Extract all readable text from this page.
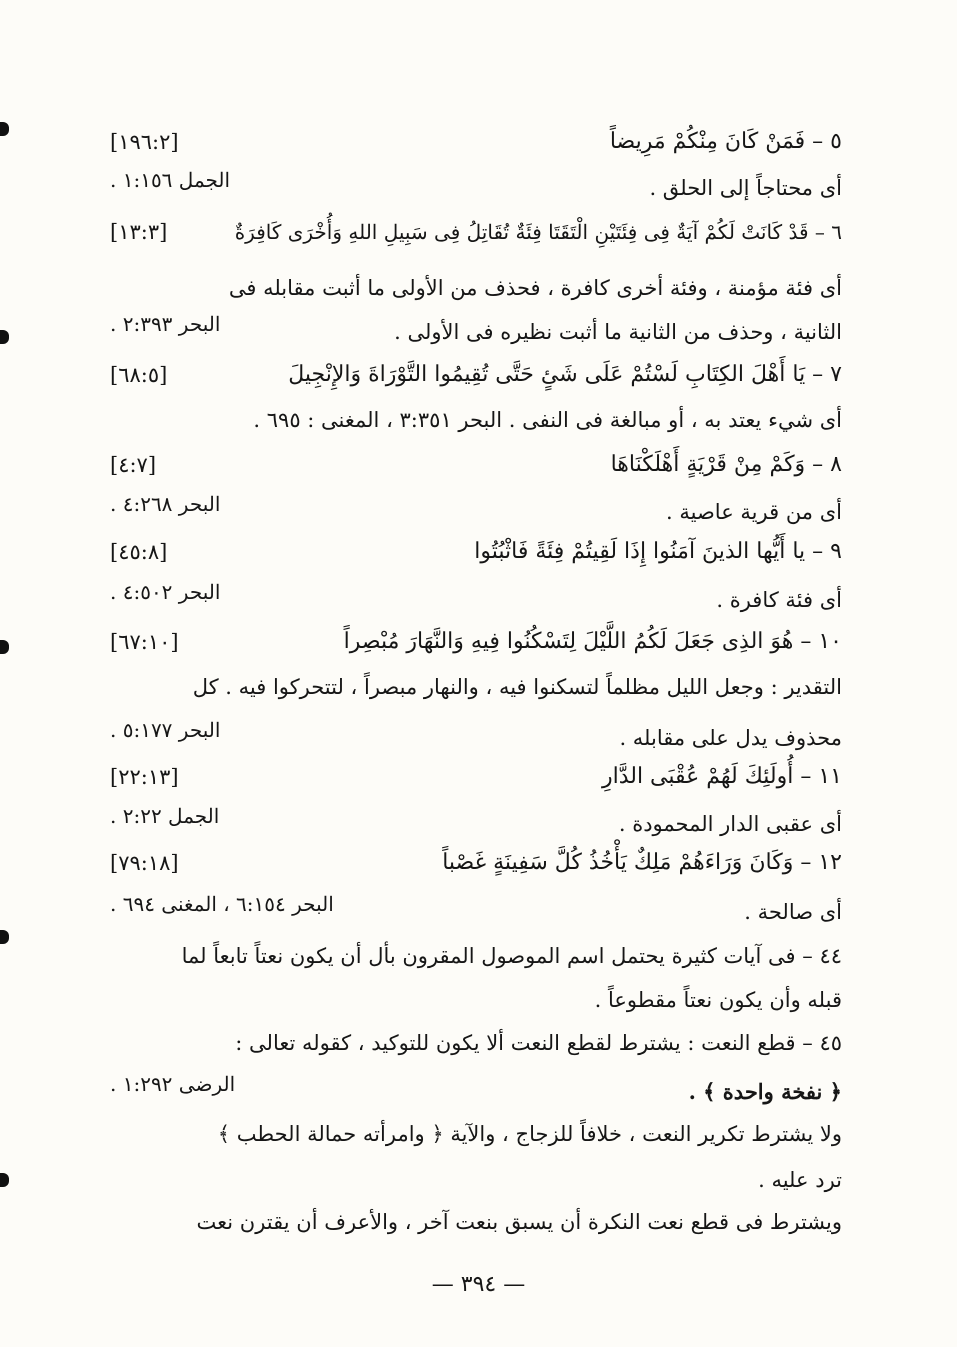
٥ – فَمَنْ كَانَ مِنْكُمْ مَرِيضاً
[١٩٦:٢]
أى محتاجاً إلى الحلق .
الجمل ١:١٥٦ .
٦ – قَدْ كَانَتْ لَكُمْ آيَةٌ فِى فِئَتَيْنِ الْتَقَتَا فِئَةٌ تُقَاتِلُ فِى سَبِيلِ اللهِ وَأُخْرَى كَافِرَةٌ
[١٣:٣]
أى فئة مؤمنة ، وفئة أخرى كافرة ، فحذف من الأولى ما أثبت مقابله فى
الثانية ، وحذف من الثانية ما أثبت نظيره فى الأولى .
البحر ٢:٣٩٣ .
٧ – يَا أَهْلَ الكِتَابِ لَسْتُمْ عَلَى شَئٍ حَتَّى تُقِيمُوا التَّوْرَاةَ وَالإِنْجِيلَ
[٦٨:٥]
أى شيء يعتد به ، أو مبالغة فى النفى . البحر ٣:٣٥١ ، المغنى : ٦٩٥ .
٨ – وَكَمْ مِنْ قَرْيَةٍ أَهْلَكْنَاهَا
[٤:٧]
أى من قرية عاصية .
البحر ٤:٢٦٨ .
٩ – يا أَيُّها الذينَ آمَنُوا إِذَا لَقِيتُمْ فِئَةً فَاثْبُتُوا
[٤٥:٨]
أى فئة كافرة .
البحر ٤:٥٠٢ .
١٠ – هُوَ الذِى جَعَلَ لَكُمُ اللَّيْلَ لِتَسْكُنُوا فِيهِ وَالنَّهَارَ مُبْصِراً
[٦٧:١٠]
التقدير : وجعل الليل مظلماً لتسكنوا فيه ، والنهار مبصراً ، لتتحركوا فيه . كل
محذوف يدل على مقابله .
البحر ٥:١٧٧ .
١١ – أُولَئِكَ لَهُمْ عُقْبَى الدَّارِ
[٢٢:١٣]
أى عقبى الدار المحمودة .
الجمل ٢:٢٢ .
١٢ – وَكَانَ وَرَاءَهُمْ مَلِكٌ يَأْخُذُ كُلَّ سَفِينَةٍ غَصْباً
[٧٩:١٨]
أى صالحة .
البحر ٦:١٥٤ ، المغنى ٦٩٤ .
٤٤ – فى آيات كثيرة يحتمل اسم الموصول المقرون بأل أن يكون نعتاً تابعاً لما
قبله وأن يكون نعتاً مقطوعاً .
٤٥ – قطع النعت : يشترط لقطع النعت ألا يكون للتوكيد ، كقوله تعالى :
﴿ نفخة واحدة ﴾ .
الرضى ١:٢٩٢ .
ولا يشترط تكرير النعت ، خلافاً للزجاج ، والآية ﴿ وامرأته حمالة الحطب ﴾
ترد عليه .
ويشترط فى قطع نعت النكرة أن يسبق بنعت آخر ، والأعرف أن يقترن نعت
— ٣٩٤ —
